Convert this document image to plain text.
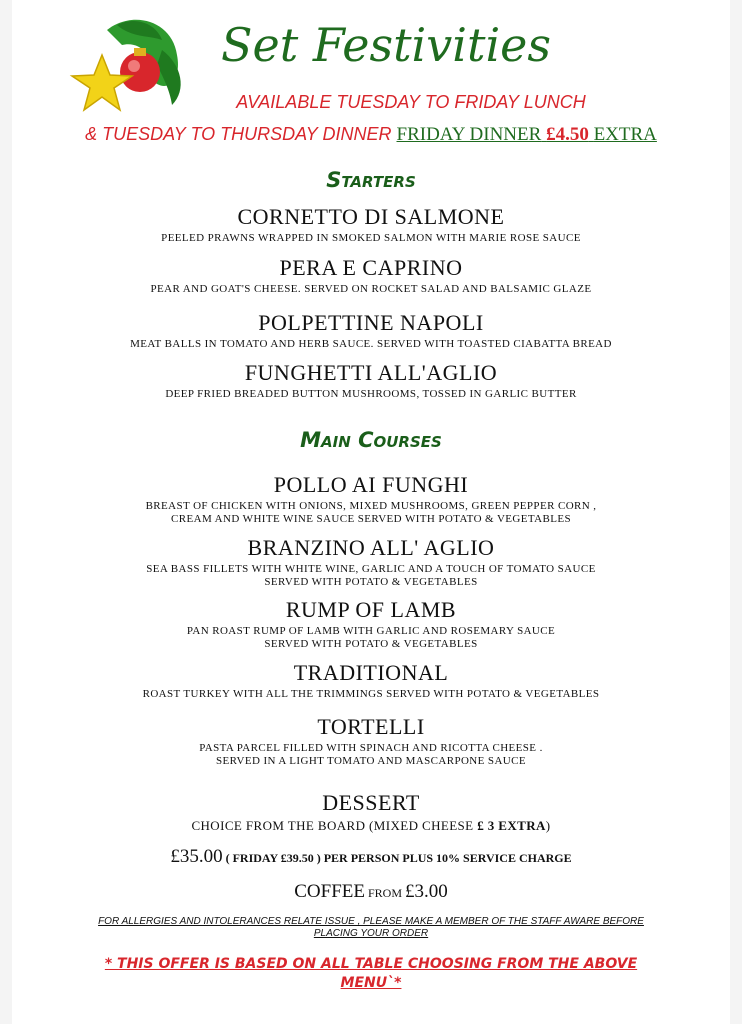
Set Festivities
AVAILABLE TUESDAY TO FRIDAY LUNCH
& TUESDAY TO THURSDAY DINNER FRIDAY DINNER £4.50 EXTRA
Starters
CORNETTO DI SALMONE
PEELED PRAWNS WRAPPED IN SMOKED SALMON WITH MARIE ROSE SAUCE
PERA E CAPRINO
PEAR AND GOAT'S CHEESE. SERVED ON ROCKET SALAD AND BALSAMIC GLAZE
POLPETTINE NAPOLI
MEAT BALLS IN TOMATO AND HERB SAUCE. SERVED WITH TOASTED CIABATTA BREAD
FUNGHETTI ALL'AGLIO
DEEP FRIED BREADED BUTTON MUSHROOMS, TOSSED IN GARLIC BUTTER
Main Courses
POLLO AI FUNGHI
BREAST OF CHICKEN WITH ONIONS, MIXED MUSHROOMS, GREEN PEPPER CORN ,
CREAM AND WHITE WINE SAUCE SERVED WITH POTATO & VEGETABLES
BRANZINO ALL' AGLIO
SEA BASS FILLETS WITH WHITE WINE, GARLIC AND A TOUCH OF TOMATO SAUCE
SERVED WITH POTATO & VEGETABLES
RUMP OF LAMB
PAN ROAST RUMP OF LAMB WITH GARLIC AND ROSEMARY SAUCE
SERVED WITH POTATO & VEGETABLES
TRADITIONAL
ROAST TURKEY WITH ALL THE TRIMMINGS SERVED WITH POTATO & VEGETABLES
TORTELLI
PASTA PARCEL FILLED WITH SPINACH AND RICOTTA CHEESE .
SERVED IN A LIGHT TOMATO AND MASCARPONE SAUCE
DESSERT
CHOICE FROM THE BOARD (MIXED CHEESE £ 3 EXTRA)
£35.00 ( FRIDAY £39.50 ) PER PERSON PLUS 10% SERVICE CHARGE
COFFEE FROM £3.00
FOR ALLERGIES AND INTOLERANCES RELATE ISSUE , PLEASE MAKE A MEMBER OF THE STAFF AWARE BEFORE
PLACING YOUR ORDER
* THIS OFFER IS BASED ON ALL TABLE CHOOSING FROM THE ABOVE
MENU`*
